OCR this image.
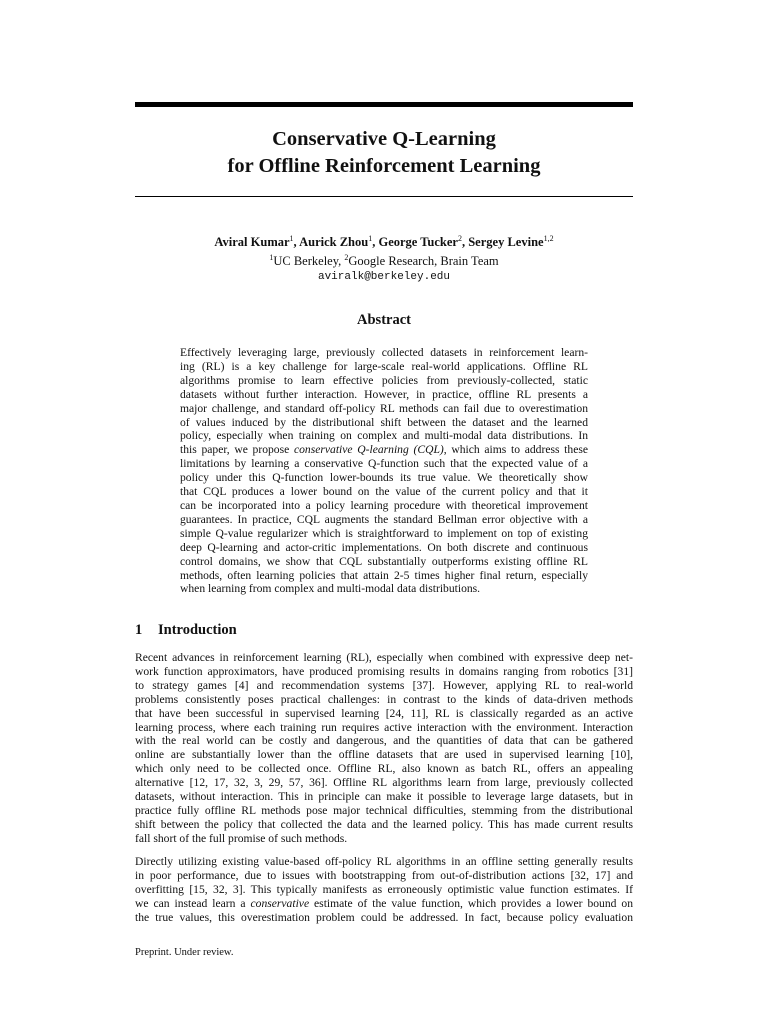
Conservative Q-Learning
for Offline Reinforcement Learning
Aviral Kumar$^1$, Aurick Zhou$^1$, George Tucker$^2$, Sergey Levine$^{1,2}$
$^1$UC Berkeley, $^2$Google Research, Brain Team
aviralk@berkeley.edu
Abstract
Effectively leveraging large, previously collected datasets in reinforcement learn-
ing (RL) is a key challenge for large-scale real-world applications. Offline RL
algorithms promise to learn effective policies from previously-collected, static
datasets without further interaction. However, in practice, offline RL presents a
major challenge, and standard off-policy RL methods can fail due to overestimation
of values induced by the distributional shift between the dataset and the learned
policy, especially when training on complex and multi-modal data distributions. In
this paper, we propose conservative Q-learning (CQL), which aims to address these
limitations by learning a conservative Q-function such that the expected value of a
policy under this Q-function lower-bounds its true value. We theoretically show
that CQL produces a lower bound on the value of the current policy and that it
can be incorporated into a policy learning procedure with theoretical improvement
guarantees. In practice, CQL augments the standard Bellman error objective with a
simple Q-value regularizer which is straightforward to implement on top of existing
deep Q-learning and actor-critic implementations. On both discrete and continuous
control domains, we show that CQL substantially outperforms existing offline RL
methods, often learning policies that attain 2-5 times higher final return, especially
when learning from complex and multi-modal data distributions.
1 Introduction
Recent advances in reinforcement learning (RL), especially when combined with expressive deep net-
work function approximators, have produced promising results in domains ranging from robotics [31]
to strategy games [4] and recommendation systems [37]. However, applying RL to real-world
problems consistently poses practical challenges: in contrast to the kinds of data-driven methods
that have been successful in supervised learning [24, 11], RL is classically regarded as an active
learning process, where each training run requires active interaction with the environment. Interaction
with the real world can be costly and dangerous, and the quantities of data that can be gathered
online are substantially lower than the offline datasets that are used in supervised learning [10],
which only need to be collected once. Offline RL, also known as batch RL, offers an appealing
alternative [12, 17, 32, 3, 29, 57, 36]. Offline RL algorithms learn from large, previously collected
datasets, without interaction. This in principle can make it possible to leverage large datasets, but in
practice fully offline RL methods pose major technical difficulties, stemming from the distributional
shift between the policy that collected the data and the learned policy. This has made current results
fall short of the full promise of such methods.
Directly utilizing existing value-based off-policy RL algorithms in an offline setting generally results
in poor performance, due to issues with bootstrapping from out-of-distribution actions [32, 17] and
overfitting [15, 32, 3]. This typically manifests as erroneously optimistic value function estimates. If
we can instead learn a conservative estimate of the value function, which provides a lower bound on
the true values, this overestimation problem could be addressed. In fact, because policy evaluation
Preprint. Under review.
